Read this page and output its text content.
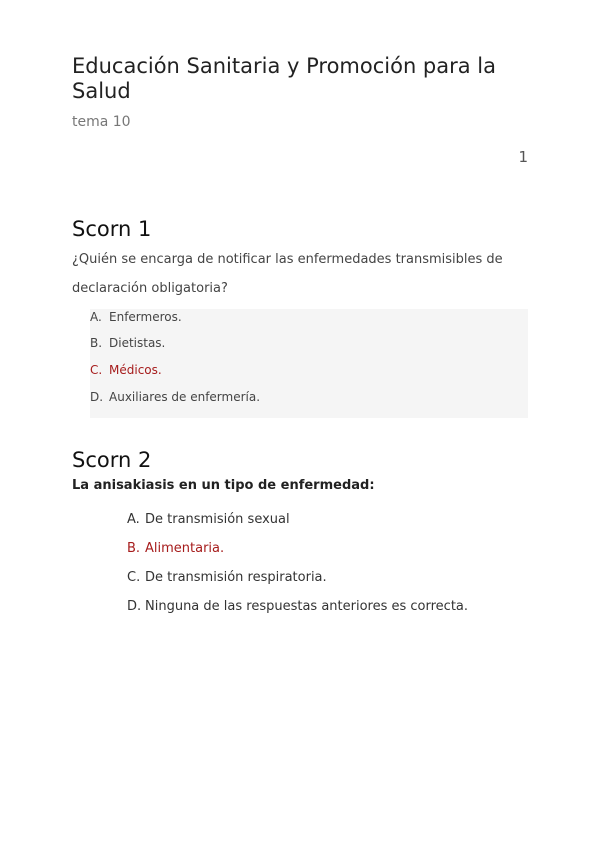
Educación Sanitaria y Promoción para la Salud

tema 10

1
Scorn 1

¿Quién se encarga de notificar las enfermedades transmisibles de declaración obligatoria?

A. Enfermeros.
B. Dietistas.
C. Médicos.
D. Auxiliares de enfermería.
Scorn 2

La anisakiasis en un tipo de enfermedad:

A. De transmisión sexual
B. Alimentaria.
C. De transmisión respiratoria.
D. Ninguna de las respuestas anteriores es correcta.
